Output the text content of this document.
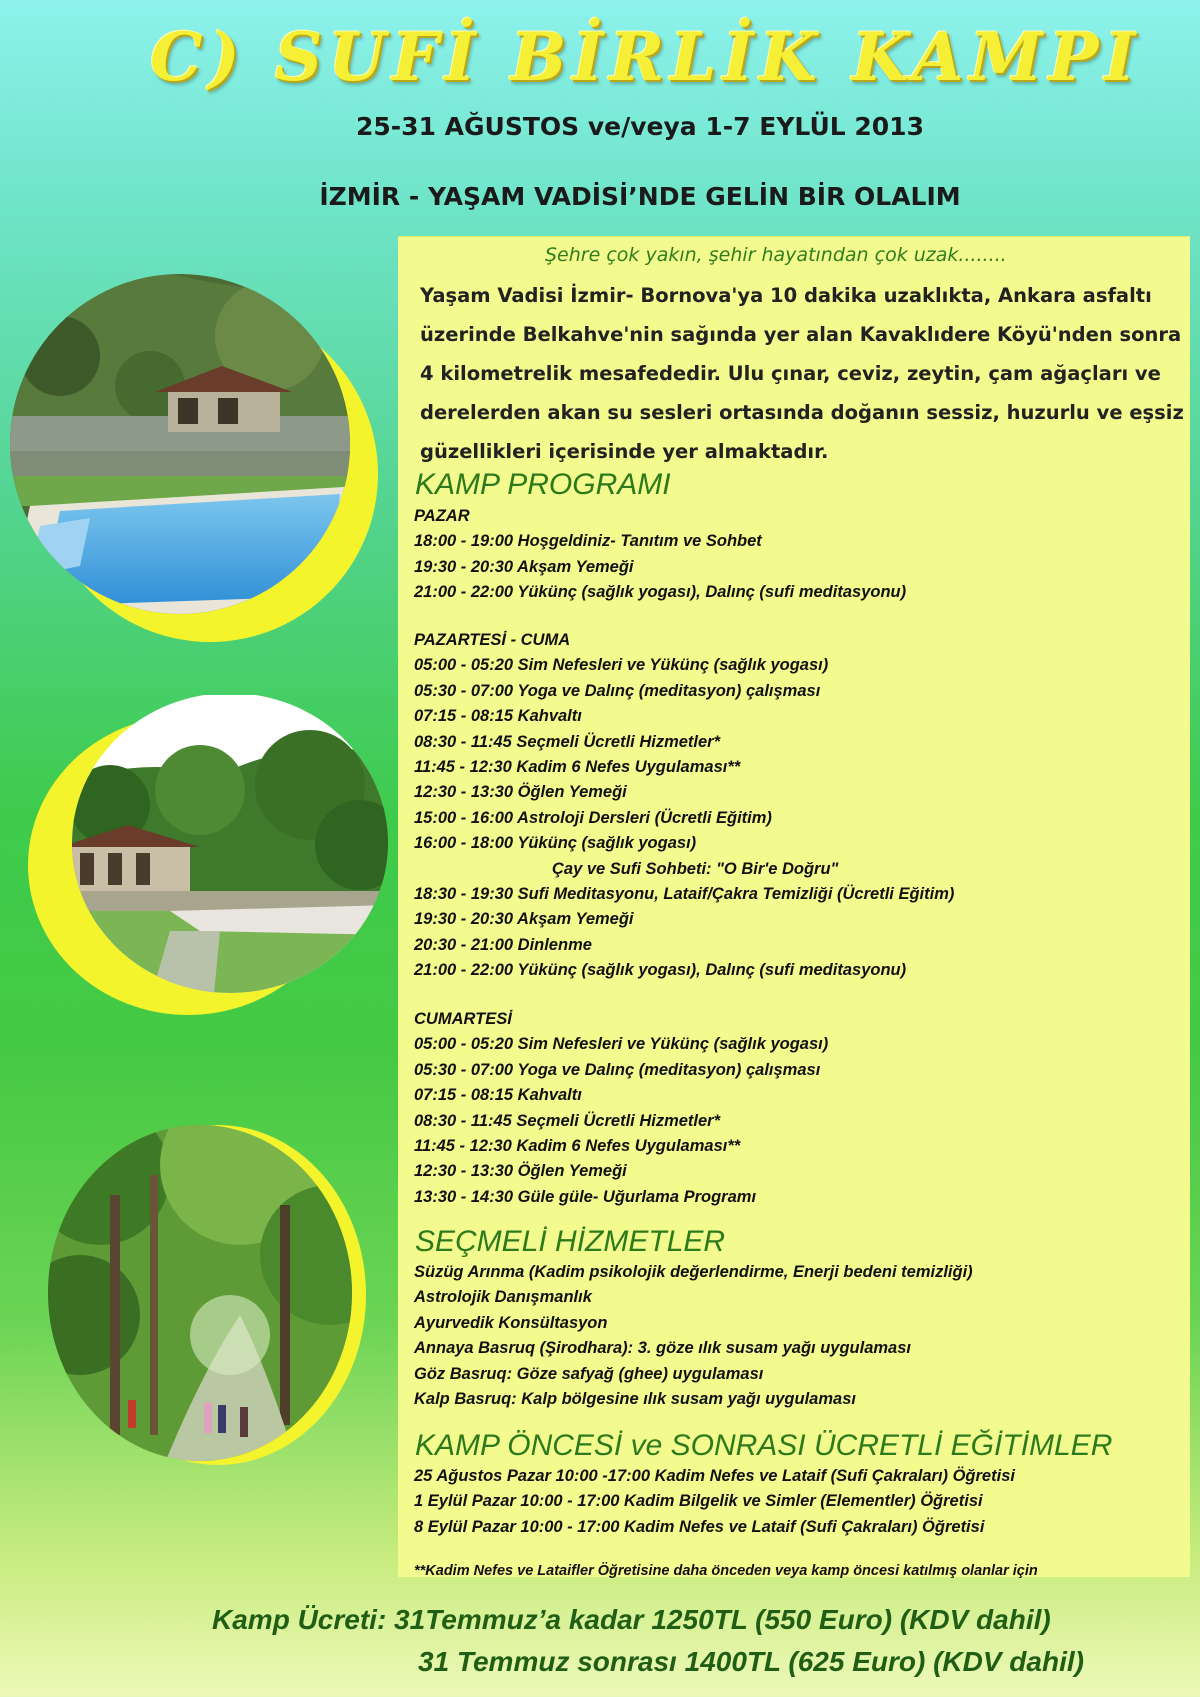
C) SUFİ BİRLİK KAMPI
25-31 AĞUSTOS ve/veya 1-7 EYLÜL 2013
İZMİR - YAŞAM VADİSİ’NDE GELİN BİR OLALIM
Şehre çok yakın, şehir hayatından çok uzak........
Yaşam Vadisi İzmir- Bornova'ya 10 dakika uzaklıkta, Ankara asfaltı
üzerinde Belkahve'nin sağında yer alan Kavaklıdere Köyü'nden sonra
4 kilometrelik mesafededir. Ulu çınar, ceviz, zeytin, çam ağaçları ve
derelerden akan su sesleri ortasında doğanın sessiz, huzurlu ve eşsiz
güzellikleri içerisinde yer almaktadır.
KAMP PROGRAMI
PAZAR
18:00 - 19:00 Hoşgeldiniz- Tanıtım ve Sohbet
19:30 - 20:30 Akşam Yemeği
21:00 - 22:00 Yükünç (sağlık yogası), Dalınç (sufi meditasyonu)
PAZARTESİ - CUMA
05:00 - 05:20 Sim Nefesleri ve Yükünç (sağlık yogası)
05:30 - 07:00 Yoga ve Dalınç (meditasyon) çalışması
07:15 - 08:15 Kahvaltı
08:30 - 11:45 Seçmeli Ücretli Hizmetler*
11:45 - 12:30 Kadim 6 Nefes Uygulaması**
12:30 - 13:30 Öğlen Yemeği
15:00 - 16:00 Astroloji Dersleri (Ücretli Eğitim)
16:00 - 18:00 Yükünç (sağlık yogası)
Çay ve Sufi Sohbeti: "O Bir'e Doğru"
18:30 - 19:30 Sufi Meditasyonu, Lataif/Çakra Temizliği (Ücretli Eğitim)
19:30 - 20:30 Akşam Yemeği
20:30 - 21:00 Dinlenme
21:00 - 22:00 Yükünç (sağlık yogası), Dalınç (sufi meditasyonu)
CUMARTESİ
05:00 - 05:20 Sim Nefesleri ve Yükünç (sağlık yogası)
05:30 - 07:00 Yoga ve Dalınç (meditasyon) çalışması
07:15 - 08:15 Kahvaltı
08:30 - 11:45 Seçmeli Ücretli Hizmetler*
11:45 - 12:30 Kadim 6 Nefes Uygulaması**
12:30 - 13:30 Öğlen Yemeği
13:30 - 14:30 Güle güle- Uğurlama Programı
SEÇMELİ HİZMETLER
Süzüg Arınma (Kadim psikolojik değerlendirme, Enerji bedeni temizliği)
Astrolojik Danışmanlık
Ayurvedik Konsültasyon
Annaya Basruq (Şirodhara): 3. göze ılık susam yağı uygulaması
Göz Basruq: Göze safyağ (ghee) uygulaması
Kalp Basruq: Kalp bölgesine ılık susam yağı uygulaması
KAMP ÖNCESİ ve SONRASI ÜCRETLİ EĞİTİMLER
25 Ağustos Pazar 10:00 -17:00 Kadim Nefes ve Lataif (Sufi Çakraları) Öğretisi
1 Eylül Pazar 10:00 - 17:00 Kadim Bilgelik ve Simler (Elementler) Öğretisi
8 Eylül Pazar 10:00 - 17:00 Kadim Nefes ve Lataif (Sufi Çakraları) Öğretisi
**Kadim Nefes ve Lataifler Öğretisine daha önceden veya kamp öncesi katılmış olanlar için
Kamp Ücreti: 31Temmuz’a kadar 1250TL (550 Euro) (KDV dahil)
31 Temmuz sonrası 1400TL (625 Euro) (KDV dahil)
